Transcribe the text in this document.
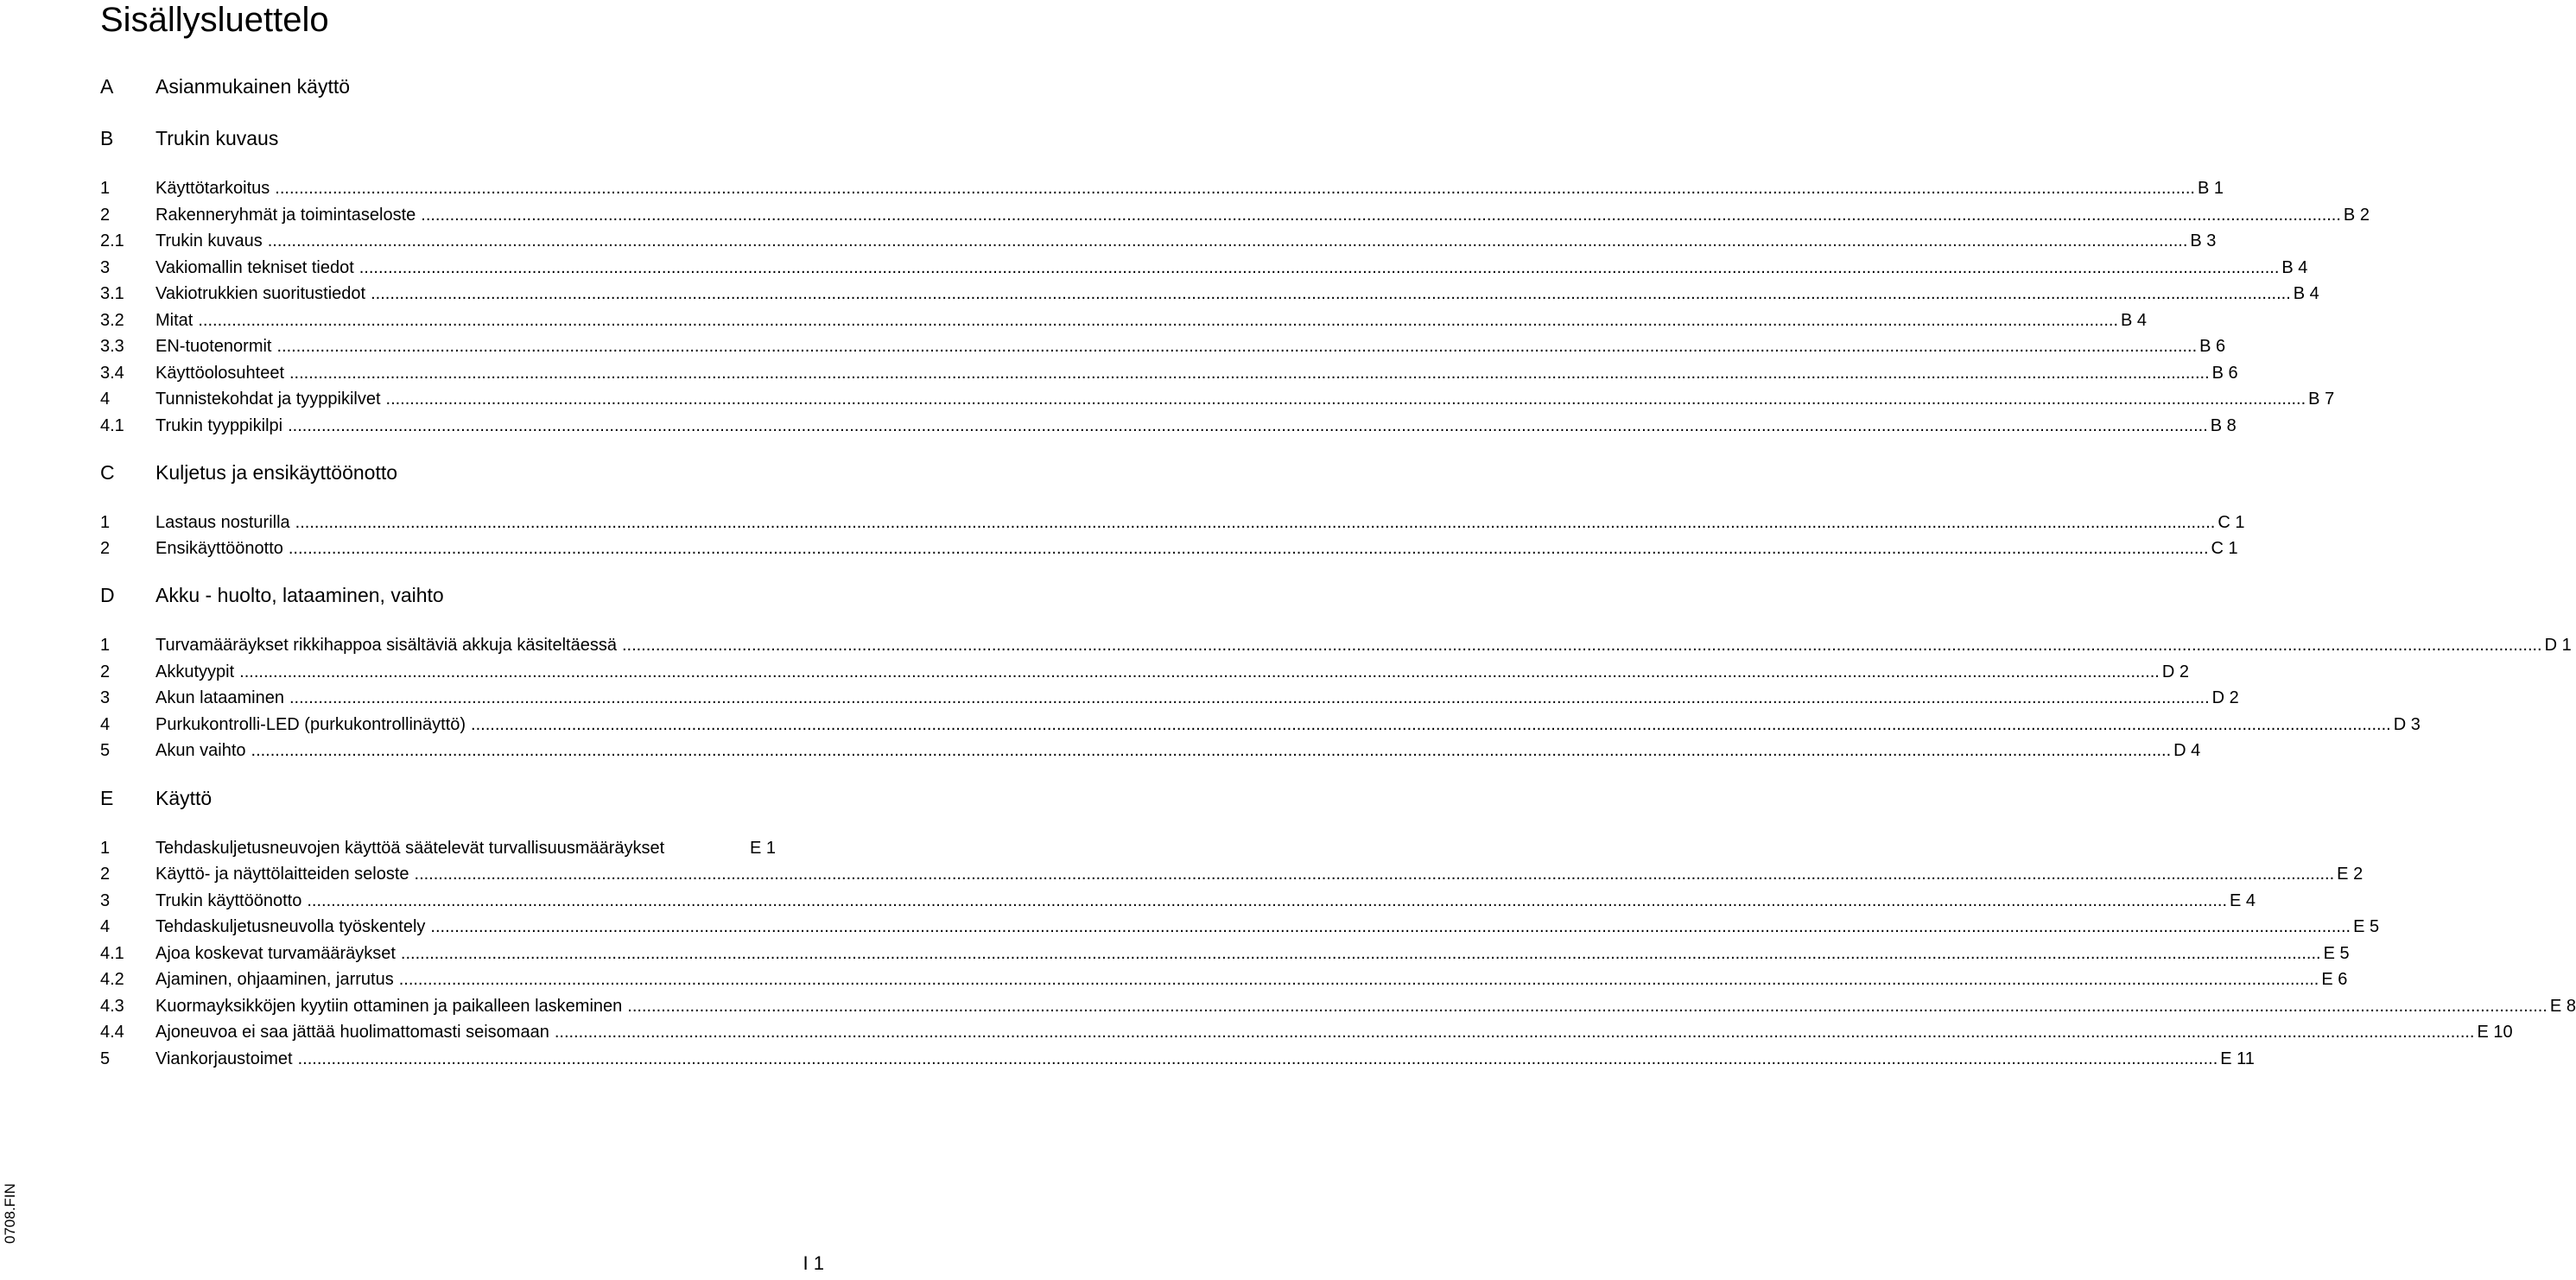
Sisällysluettelo
A	Asianmukainen käyttö
B	Trukin kuvaus
1	Käyttötarkoitus ................................................................................................................................................................................................................................................................................................................................................................................................................ B 1
2	Rakenneryhmät ja toimintaseloste ................................................................................................................................................................................................................................................................................................................................................................................................................ B 2
2.1	Trukin kuvaus ................................................................................................................................................................................................................................................................................................................................................................................................................ B 3
3	Vakiomallin tekniset tiedot ................................................................................................................................................................................................................................................................................................................................................................................................................ B 4
3.1	Vakiotrukkien suoritustiedot ................................................................................................................................................................................................................................................................................................................................................................................................................ B 4
3.2	Mitat ................................................................................................................................................................................................................................................................................................................................................................................................................ B 4
3.3	EN-tuotenormit ................................................................................................................................................................................................................................................................................................................................................................................................................ B 6
3.4	Käyttöolosuhteet ................................................................................................................................................................................................................................................................................................................................................................................................................ B 6
4	Tunnistekohdat ja tyyppikilvet ................................................................................................................................................................................................................................................................................................................................................................................................................ B 7
4.1	Trukin tyyppikilpi ................................................................................................................................................................................................................................................................................................................................................................................................................ B 8
C	Kuljetus ja ensikäyttöönotto
1	Lastaus nosturilla ................................................................................................................................................................................................................................................................................................................................................................................................................ C 1
2	Ensikäyttöönotto ................................................................................................................................................................................................................................................................................................................................................................................................................ C 1
D	Akku - huolto, lataaminen, vaihto
1	Turvamääräykset rikkihappoa sisältäviä akkuja käsiteltäessä ................................................................................................................................................................................................................................................................................................................................................................................................................ D 1
2	Akkutyypit ................................................................................................................................................................................................................................................................................................................................................................................................................ D 2
3	Akun lataaminen ................................................................................................................................................................................................................................................................................................................................................................................................................ D 2
4	Purkukontrolli-LED (purkukontrollinäyttö) ................................................................................................................................................................................................................................................................................................................................................................................................................ D 3
5	Akun vaihto ................................................................................................................................................................................................................................................................................................................................................................................................................ D 4
E	Käyttö
1	Tehdaskuljetusneuvojen käyttöä säätelevät turvallisuusmääräykset	E 1
2	Käyttö- ja näyttölaitteiden seloste ................................................................................................................................................................................................................................................................................................................................................................................................................ E 2
3	Trukin käyttöönotto ................................................................................................................................................................................................................................................................................................................................................................................................................ E 4
4	Tehdaskuljetusneuvolla työskentely ................................................................................................................................................................................................................................................................................................................................................................................................................ E 5
4.1	Ajoa koskevat turvamääräykset ................................................................................................................................................................................................................................................................................................................................................................................................................ E 5
4.2	Ajaminen, ohjaaminen, jarrutus ................................................................................................................................................................................................................................................................................................................................................................................................................ E 6
4.3	Kuormayksikköjen kyytiin ottaminen ja paikalleen laskeminen ................................................................................................................................................................................................................................................................................................................................................................................................................ E 8
4.4	Ajoneuvoa ei saa jättää huolimattomasti seisomaan ................................................................................................................................................................................................................................................................................................................................................................................................................ E 10
5	Viankorjaustoimet ................................................................................................................................................................................................................................................................................................................................................................................................................ E 11
0708.FIN
I 1
